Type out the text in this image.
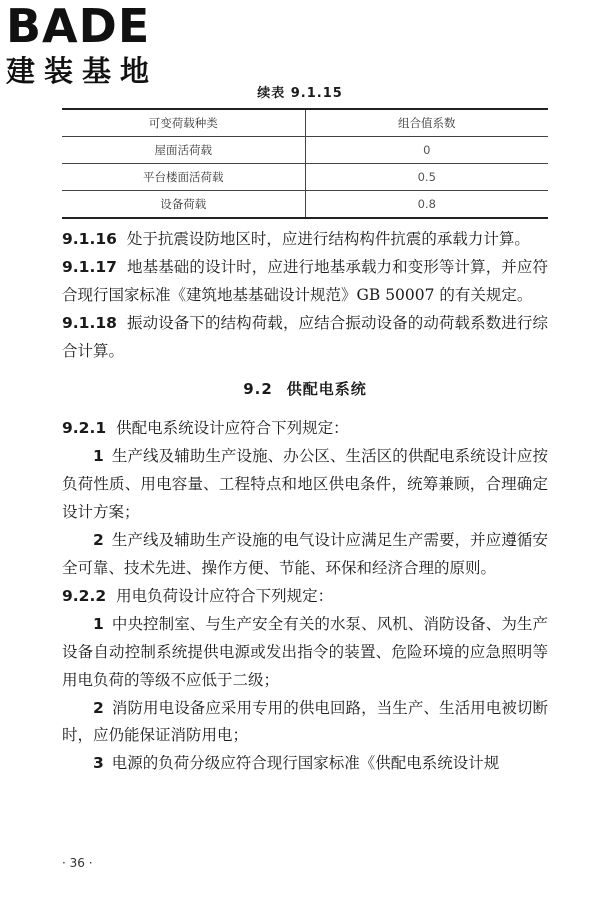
BADE
建装基地
续表 9.1.15
可变荷载种类	组合值系数
屋面活荷载	0
平台楼面活荷载	0.5
设备荷载	0.8

9.1.16 处于抗震设防地区时，应进行结构构件抗震的承载力计算。

9.1.17 地基基础的设计时，应进行地基承载力和变形等计算，并应符合现行国家标准《建筑地基基础设计规范》GB 50007 的有关规定。

9.1.18 振动设备下的结构荷载，应结合振动设备的动荷载系数进行综合计算。

9.2 供配电系统

9.2.1 供配电系统设计应符合下列规定：

1 生产线及辅助生产设施、办公区、生活区的供配电系统设计应按负荷性质、用电容量、工程特点和地区供电条件，统筹兼顾，合理确定设计方案；

2 生产线及辅助生产设施的电气设计应满足生产需要，并应遵循安全可靠、技术先进、操作方便、节能、环保和经济合理的原则。

9.2.2 用电负荷设计应符合下列规定：

1 中央控制室、与生产安全有关的水泵、风机、消防设备、为生产设备自动控制系统提供电源或发出指令的装置、危险环境的应急照明等用电负荷的等级不应低于二级；

2 消防用电设备应采用专用的供电回路，当生产、生活用电被切断时，应仍能保证消防用电；

3 电源的负荷分级应符合现行国家标准《供配电系统设计规

· 36 ·
